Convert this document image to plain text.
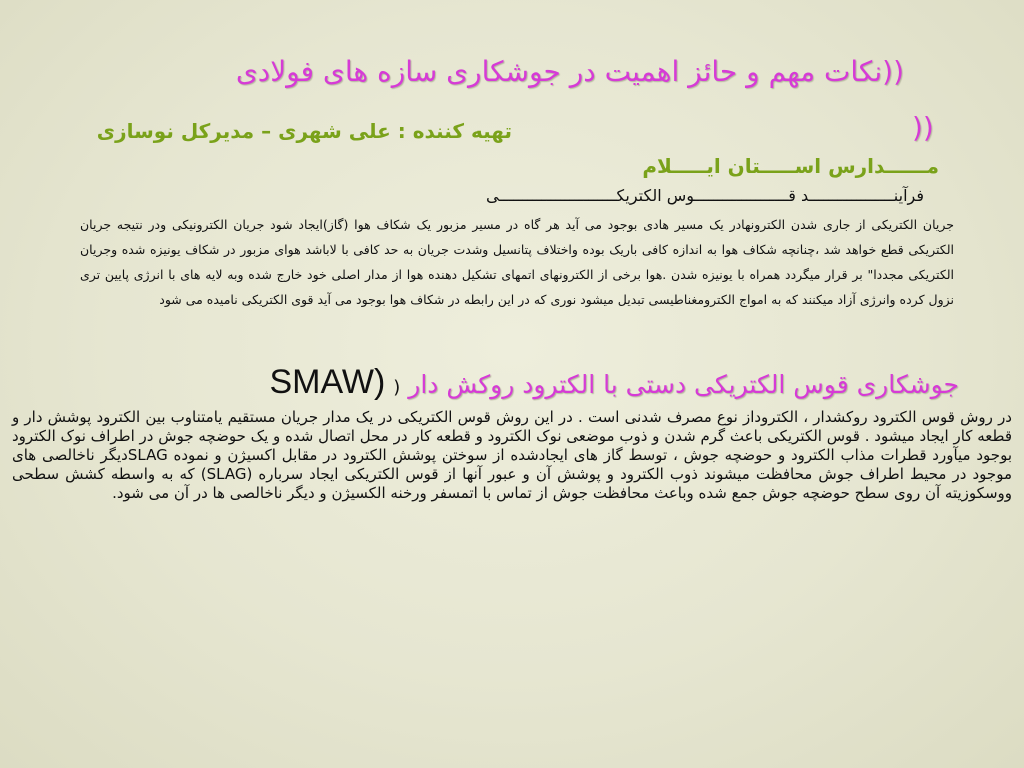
((نکات مهم و حائز اهمیت در جوشکاری سازه های فولادی
))
تهیه کننده : علی شهری – مدیرکل نوسازی
مــــــدارس اســـــتان ایـــــلام
فرآینــــــــــــــــــد قــــــــــــــــــــوس الکتریکـــــــــــــــــــــــــی
جریان الکتریکی از جاری شدن الکترونهادر یک مسیر هادی بوجود می آید هر گاه در مسیر مزبور یک شکاف هوا (گاز)ایجاد شود جریان الکترونیکی ودر نتیجه جریان الکتریکی قطع خواهد شد ،چنانچه شکاف هوا به اندازه کافی باریک بوده واختلاف پتانسیل وشدت جریان به حد کافی با لاباشد هوای مزبور در شکاف یونیزه شده وجریان الکتریکی مجددا" بر قرار میگردد همراه با یونیزه شدن .هوا برخی از الکترونهای اتمهای تشکیل دهنده هوا از مدار اصلی خود خارج شده وبه لایه های با انرژی پایین تری نزول کرده وانرژی آزاد میکنند که به امواج الکترومغناطیسی تبدیل میشود نوری که در این رابطه در شکاف هوا بوجود می آید قوی الکتریکی نامیده می شود
جوشکاری قوس الکتریکی دستی با الکترود روکش دار ( SMAW)
در روش قوس الکترود روکشدار ، الکتروداز نوع مصرف شدنی است . در این روش قوس الکتریکی در یک مدار جریان مستقیم یامتناوب بین الکترود پوشش دار و قطعه کار ایجاد میشود . قوس الکتریکی باعث گرم شدن و ذوب موضعی نوک الکترود و قطعه کار در محل اتصال شده و یک حوضچه جوش در اطراف نوک الکترود بوجود میآورد قطرات مذاب الکترود و حوضچه جوش ، توسط گاز های ایجادشده از سوختن پوشش الکترود در مقابل اکسیژن و نموده SLAGدیگر ناخالصی های موجود در محیط اطراف جوش محافظت میشوند ذوب الکترود و پوشش آن و عبور آنها از قوس الکتریکی ایجاد سرباره (SLAG) که به واسطه کشش سطحی ووسکوزیته آن روی سطح حوضچه جوش جمع شده وباعث محافظت جوش از تماس با اتمسفر ورخنه الکسیژن و دیگر ناخالصی ها در آن می شود.
